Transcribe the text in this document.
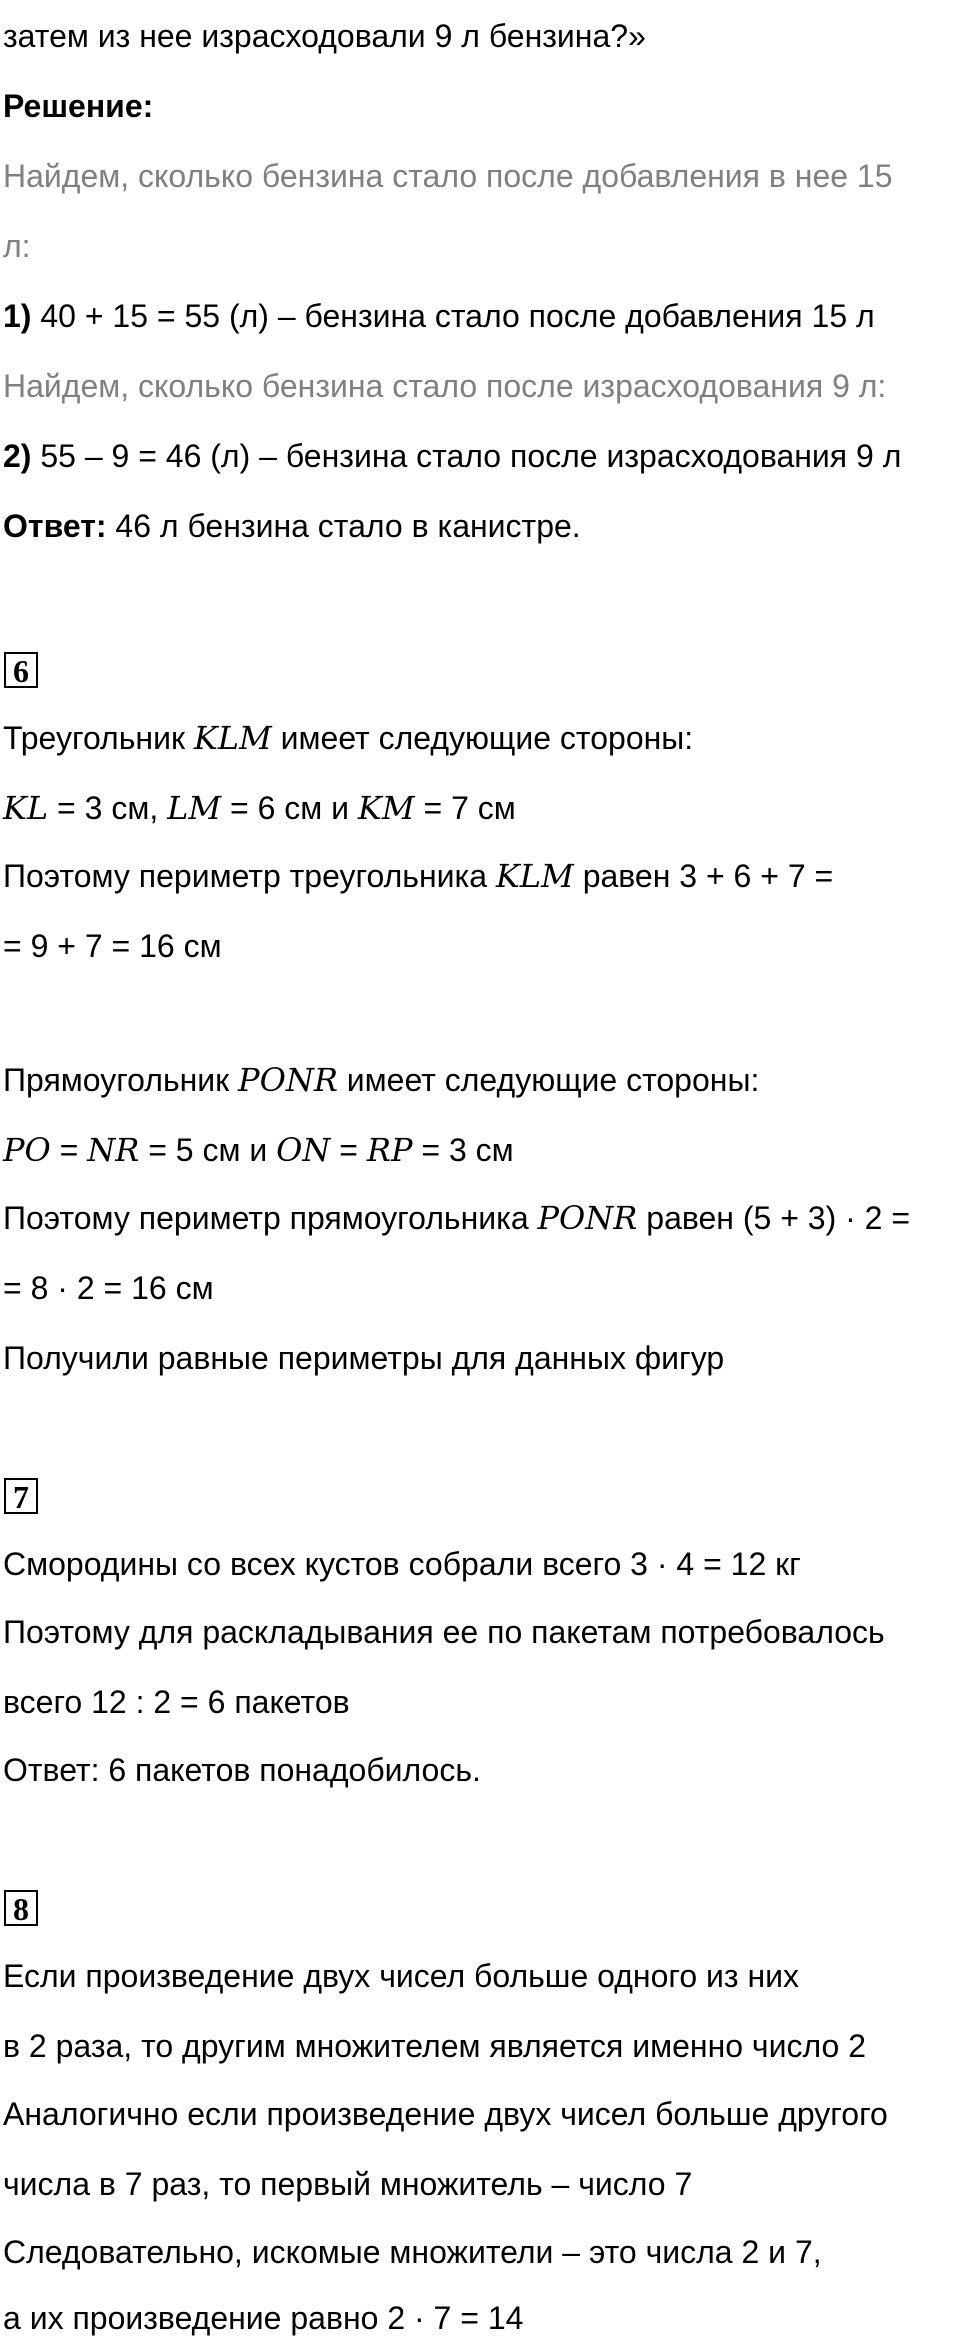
затем из нее израсходовали 9 л бензина?»
Решение:
Найдем, сколько бензина стало после добавления в нее 15
л:
1) 40 + 15 = 55 (л) – бензина стало после добавления 15 л
Найдем, сколько бензина стало после израсходования 9 л:
2) 55 – 9 = 46 (л) – бензина стало после израсходования 9 л
Ответ: 46 л бензина стало в канистре.
6
Треугольник KLM имеет следующие стороны:
KL = 3 см, LM = 6 см и KM = 7 см
Поэтому периметр треугольника KLM равен 3 + 6 + 7 =
= 9 + 7 = 16 см
Прямоугольник PONR имеет следующие стороны:
PO = NR = 5 см и ON = RP = 3 см
Поэтому периметр прямоугольника PONR равен (5 + 3) · 2 =
= 8 · 2 = 16 см
Получили равные периметры для данных фигур
7
Смородины со всех кустов собрали всего 3 · 4 = 12 кг
Поэтому для раскладывания ее по пакетам потребовалось
всего 12 : 2 = 6 пакетов
Ответ: 6 пакетов понадобилось.
8
Если произведение двух чисел больше одного из них
в 2 раза, то другим множителем является именно число 2
Аналогично если произведение двух чисел больше другого
числа в 7 раз, то первый множитель – число 7
Следовательно, искомые множители – это числа 2 и 7,
а их произведение равно 2 · 7 = 14
